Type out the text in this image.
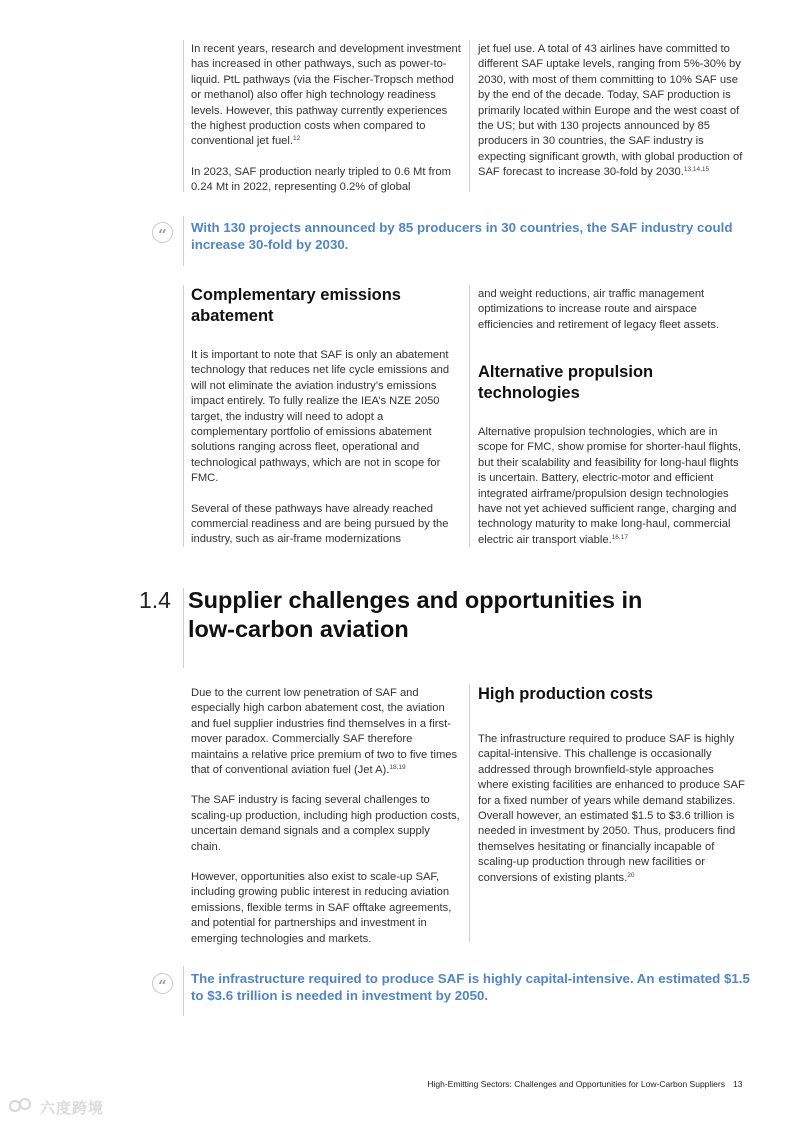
In recent years, research and development investment has increased in other pathways, such as power-to-liquid. PtL pathways (via the Fischer-Tropsch method or methanol) also offer high technology readiness levels. However, this pathway currently experiences the highest production costs when compared to conventional jet fuel.$^{12}$

In 2023, SAF production nearly tripled to 0.6 Mt from 0.24 Mt in 2022, representing 0.2% of global

jet fuel use. A total of 43 airlines have committed to different SAF uptake levels, ranging from 5%-30% by 2030, with most of them committing to 10% SAF use by the end of the decade. Today, SAF production is primarily located within Europe and the west coast of the US; but with 130 projects announced by 85 producers in 30 countries, the SAF industry is expecting significant growth, with global production of SAF forecast to increase 30-fold by 2030.$^{13,14,15}$

“	With 130 projects announced by 85 producers in 30 countries, the SAF industry could increase 30-fold by 2030.

Complementary emissions abatement

It is important to note that SAF is only an abatement technology that reduces net life cycle emissions and will not eliminate the aviation industry’s emissions impact entirely. To fully realize the IEA’s NZE 2050 target, the industry will need to adopt a complementary portfolio of emissions abatement solutions ranging across fleet, operational and technological pathways, which are not in scope for FMC.

Several of these pathways have already reached commercial readiness and are being pursued by the industry, such as air-frame modernizations

and weight reductions, air traffic management optimizations to increase route and airspace efficiencies and retirement of legacy fleet assets.

Alternative propulsion technologies

Alternative propulsion technologies, which are in scope for FMC, show promise for shorter-haul flights, but their scalability and feasibility for long-haul flights is uncertain. Battery, electric-motor and efficient integrated airframe/propulsion design technologies have not yet achieved sufficient range, charging and technology maturity to make long-haul, commercial electric air transport viable.$^{16,17}$

1.4 Supplier challenges and opportunities in low-carbon aviation

Due to the current low penetration of SAF and especially high carbon abatement cost, the aviation and fuel supplier industries find themselves in a first-mover paradox. Commercially SAF therefore maintains a relative price premium of two to five times that of conventional aviation fuel (Jet A).$^{18,19}$

The SAF industry is facing several challenges to scaling-up production, including high production costs, uncertain demand signals and a complex supply chain.

However, opportunities also exist to scale-up SAF, including growing public interest in reducing aviation emissions, flexible terms in SAF offtake agreements, and potential for partnerships and investment in emerging technologies and markets.

High production costs

The infrastructure required to produce SAF is highly capital-intensive. This challenge is occasionally addressed through brownfield-style approaches where existing facilities are enhanced to produce SAF for a fixed number of years while demand stabilizes. Overall however, an estimated $1.5 to $3.6 trillion is needed in investment by 2050. Thus, producers find themselves hesitating or financially incapable of scaling-up production through new facilities or conversions of existing plants.$^{20}$

“	The infrastructure required to produce SAF is highly capital-intensive. An estimated $1.5 to $3.6 trillion is needed in investment by 2050.

High-Emitting Sectors: Challenges and Opportunities for Low-Carbon Suppliers 13
六度跨境
